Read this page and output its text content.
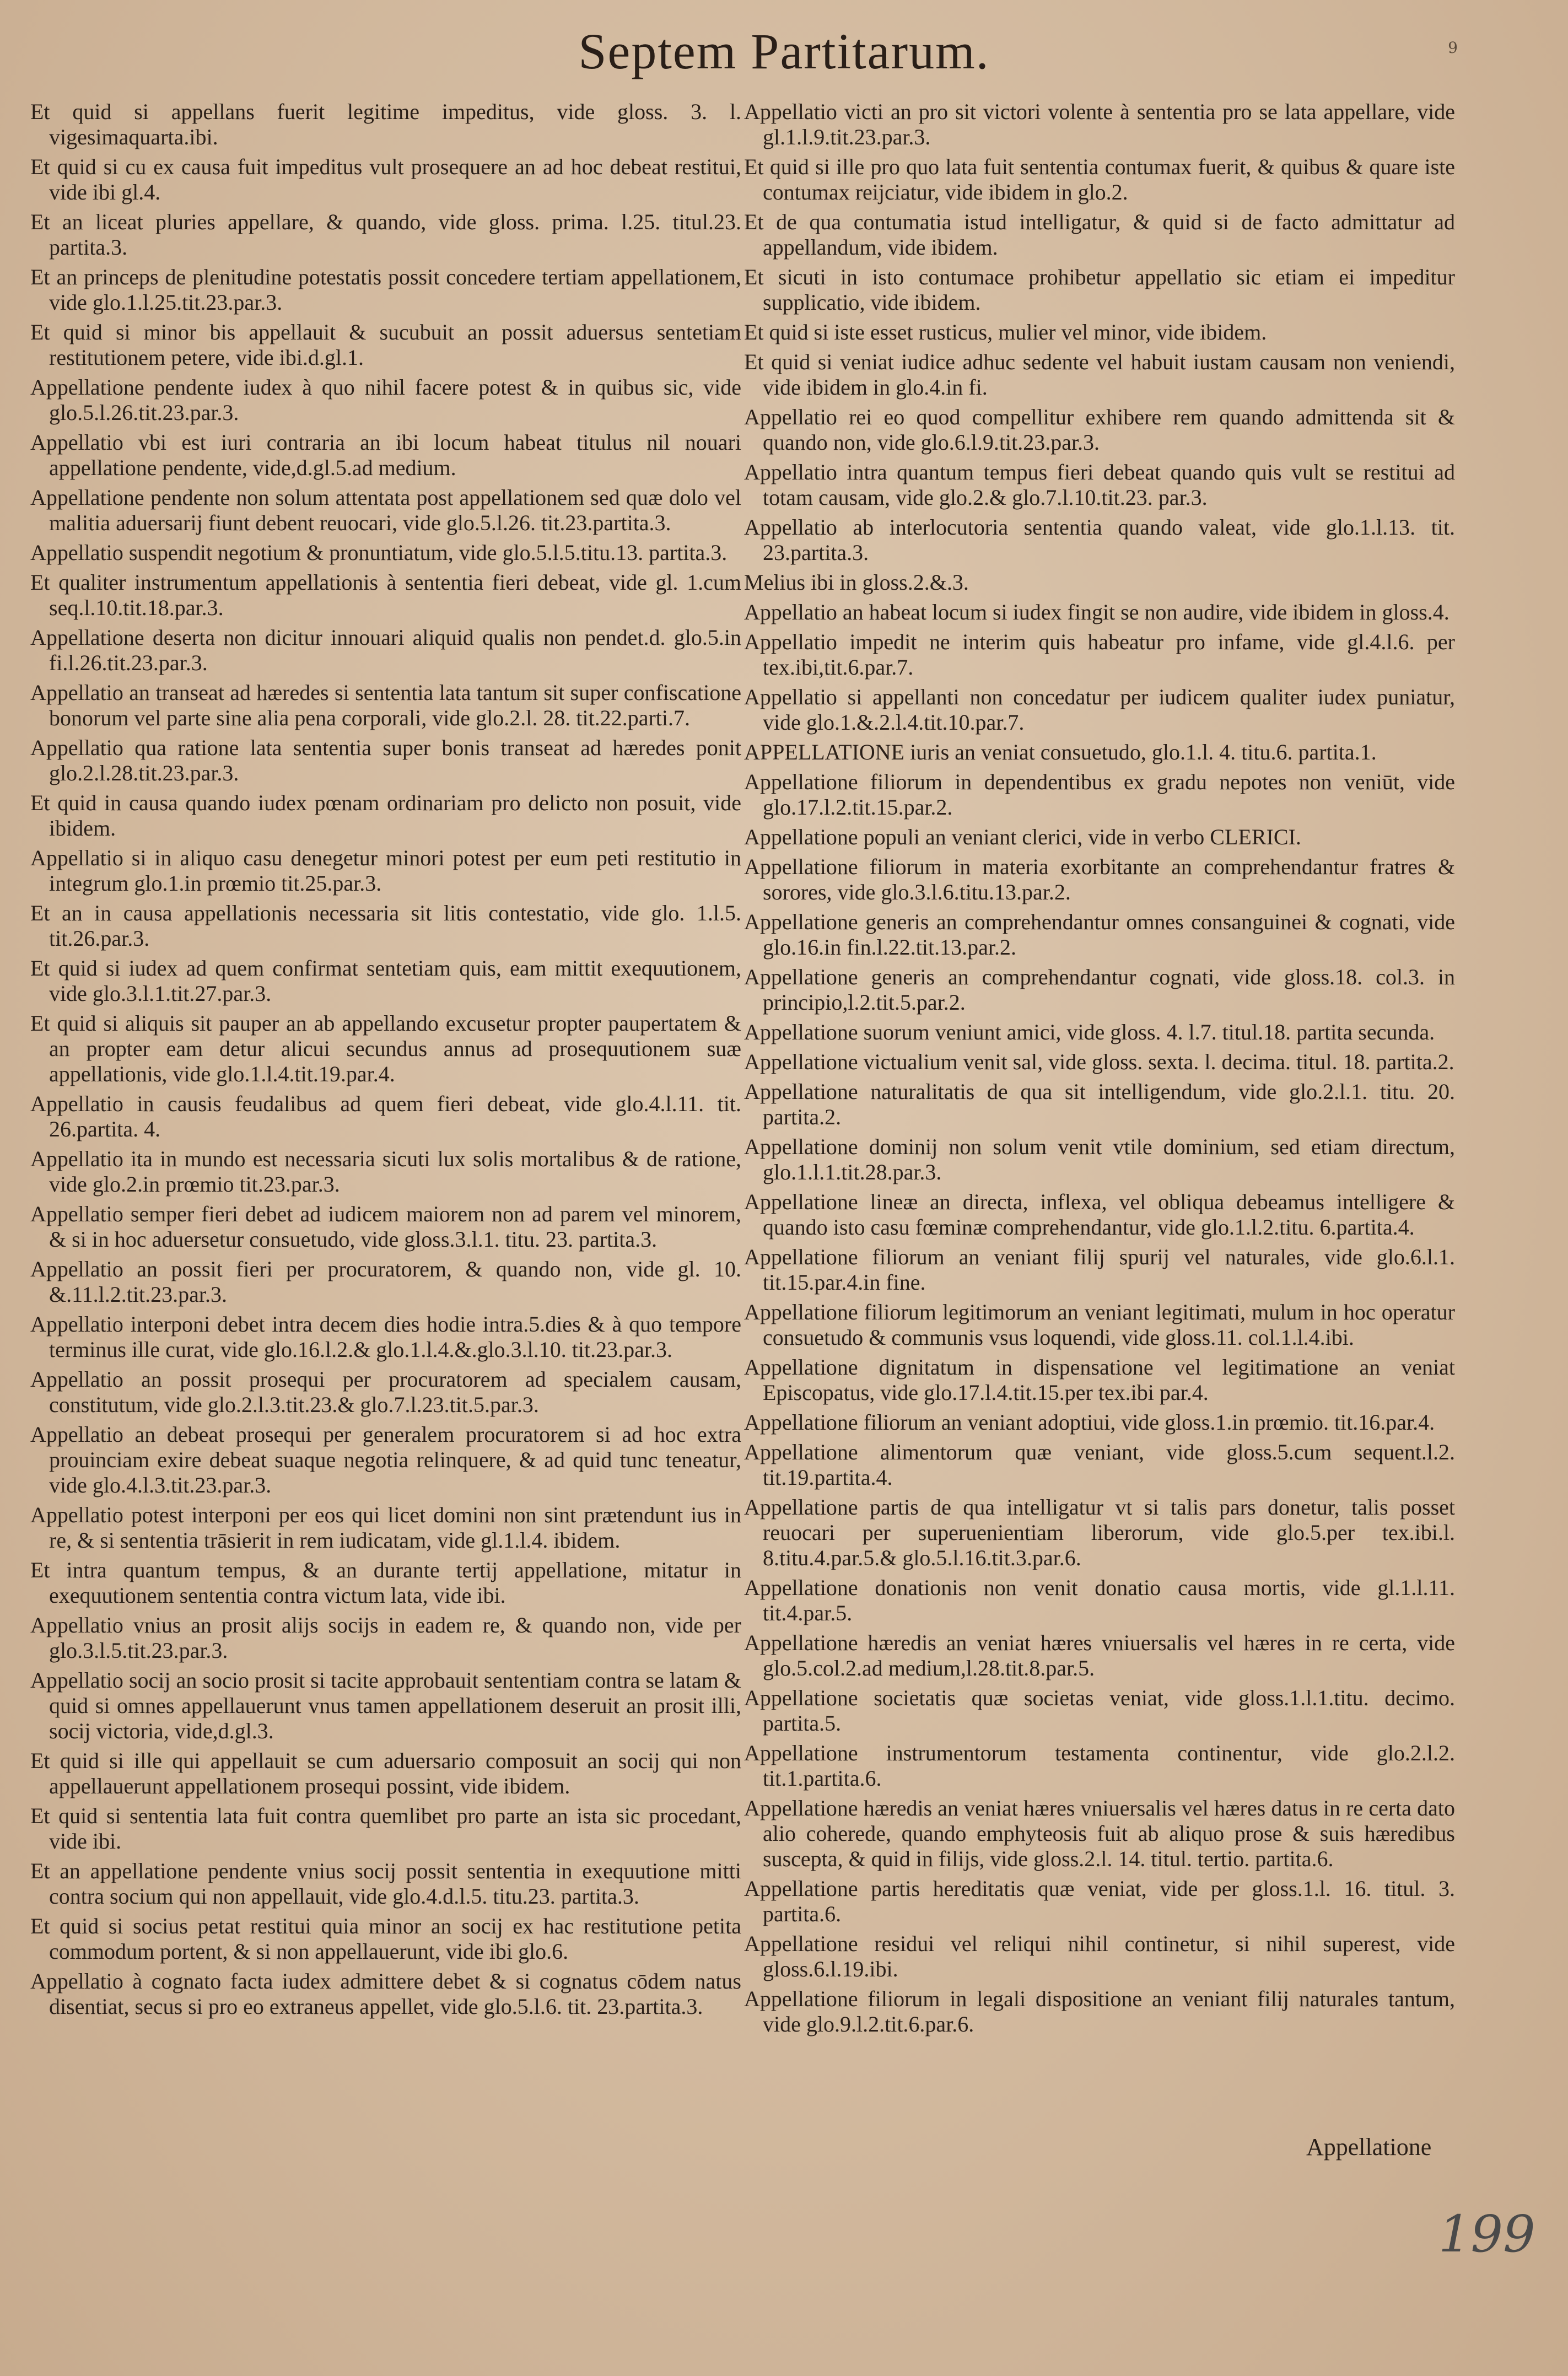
Septem Partitarum.	9

Et quid si appellans fuerit legitime impeditus, vide gloss. 3. l. vigesimaquarta.ibi.

Et quid si cu ex causa fuit impeditus vult prosequere an ad hoc debeat restitui, vide ibi gl.4.

Et an liceat pluries appellare, & quando, vide gloss. prima. l.25. titul.23. partita.3.

Et an princeps de plenitudine potestatis possit concedere tertiam appellationem, vide glo.1.l.25.tit.23.par.3.

Et quid si minor bis appellauit & sucubuit an possit aduersus sentetiam restitutionem petere, vide ibi.d.gl.1.

Appellatione pendente iudex à quo nihil facere potest & in quibus sic, vide glo.5.l.26.tit.23.par.3.

Appellatio vbi est iuri contraria an ibi locum habeat titulus nil nouari appellatione pendente, vide,d.gl.5.ad medium.

Appellatione pendente non solum attentata post appellationem sed quæ dolo vel malitia aduersarij fiunt debent reuocari, vide glo.5.l.26. tit.23.partita.3.

Appellatio suspendit negotium & pronuntiatum, vide glo.5.l.5.titu.13. partita.3.

Et qualiter instrumentum appellationis à sententia fieri debeat, vide gl. 1.cum seq.l.10.tit.18.par.3.

Appellatione deserta non dicitur innouari aliquid qualis non pendet.d. glo.5.in fi.l.26.tit.23.par.3.

Appellatio an transeat ad hæredes si sententia lata tantum sit super confiscatione bonorum vel parte sine alia pena corporali, vide glo.2.l. 28. tit.22.parti.7.

Appellatio qua ratione lata sententia super bonis transeat ad hæredes ponit glo.2.l.28.tit.23.par.3.

Et quid in causa quando iudex pœnam ordinariam pro delicto non posuit, vide ibidem.

Appellatio si in aliquo casu denegetur minori potest per eum peti restitutio in integrum glo.1.in prœmio tit.25.par.3.

Et an in causa appellationis necessaria sit litis contestatio, vide glo. 1.l.5. tit.26.par.3.

Et quid si iudex ad quem confirmat sentetiam quis, eam mittit exequutionem, vide glo.3.l.1.tit.27.par.3.

Et quid si aliquis sit pauper an ab appellando excusetur propter paupertatem & an propter eam detur alicui secundus annus ad prosequutionem suæ appellationis, vide glo.1.l.4.tit.19.par.4.

Appellatio in causis feudalibus ad quem fieri debeat, vide glo.4.l.11. tit. 26.partita. 4.

Appellatio ita in mundo est necessaria sicuti lux solis mortalibus & de ratione, vide glo.2.in prœmio tit.23.par.3.

Appellatio semper fieri debet ad iudicem maiorem non ad parem vel minorem, & si in hoc aduersetur consuetudo, vide gloss.3.l.1. titu. 23. partita.3.

Appellatio an possit fieri per procuratorem, & quando non, vide gl. 10. &.11.l.2.tit.23.par.3.

Appellatio interponi debet intra decem dies hodie intra.5.dies & à quo tempore terminus ille curat, vide glo.16.l.2.& glo.1.l.4.&.glo.3.l.10. tit.23.par.3.

Appellatio an possit prosequi per procuratorem ad specialem causam, constitutum, vide glo.2.l.3.tit.23.& glo.7.l.23.tit.5.par.3.

Appellatio an debeat prosequi per generalem procuratorem si ad hoc extra prouinciam exire debeat suaque negotia relinquere, & ad quid tunc teneatur, vide glo.4.l.3.tit.23.par.3.

Appellatio potest interponi per eos qui licet domini non sint prætendunt ius in re, & si sententia trāsierit in rem iudicatam, vide gl.1.l.4. ibidem.

Et intra quantum tempus, & an durante tertij appellatione, mitatur in exequutionem sententia contra victum lata, vide ibi.

Appellatio vnius an prosit alijs socijs in eadem re, & quando non, vide per glo.3.l.5.tit.23.par.3.

Appellatio socij an socio prosit si tacite approbauit sententiam contra se latam & quid si omnes appellauerunt vnus tamen appellationem deseruit an prosit illi, socij victoria, vide,d.gl.3.

Et quid si ille qui appellauit se cum aduersario composuit an socij qui non appellauerunt appellationem prosequi possint, vide ibidem.

Et quid si sententia lata fuit contra quemlibet pro parte an ista sic procedant, vide ibi.

Et an appellatione pendente vnius socij possit sententia in exequutione mitti contra socium qui non appellauit, vide glo.4.d.l.5. titu.23. partita.3.

Et quid si socius petat restitui quia minor an socij ex hac restitutione petita commodum portent, & si non appellauerunt, vide ibi glo.6.

Appellatio à cognato facta iudex admittere debet & si cognatus cōdem natus disentiat, secus si pro eo extraneus appellet, vide glo.5.l.6. tit. 23.partita.3.

Appellatio victi an pro sit victori volente à sententia pro se lata appellare, vide gl.1.l.9.tit.23.par.3.

Et quid si ille pro quo lata fuit sententia contumax fuerit, & quibus & quare iste contumax reijciatur, vide ibidem in glo.2.

Et de qua contumatia istud intelligatur, & quid si de facto admittatur ad appellandum, vide ibidem.

Et sicuti in isto contumace prohibetur appellatio sic etiam ei impeditur supplicatio, vide ibidem.

Et quid si iste esset rusticus, mulier vel minor, vide ibidem.

Et quid si veniat iudice adhuc sedente vel habuit iustam causam non veniendi, vide ibidem in glo.4.in fi.

Appellatio rei eo quod compellitur exhibere rem quando admittenda sit & quando non, vide glo.6.l.9.tit.23.par.3.

Appellatio intra quantum tempus fieri debeat quando quis vult se restitui ad totam causam, vide glo.2.& glo.7.l.10.tit.23. par.3.

Appellatio ab interlocutoria sententia quando valeat, vide glo.1.l.13. tit. 23.partita.3.

Melius ibi in gloss.2.&.3.

Appellatio an habeat locum si iudex fingit se non audire, vide ibidem in gloss.4.

Appellatio impedit ne interim quis habeatur pro infame, vide gl.4.l.6. per tex.ibi,tit.6.par.7.

Appellatio si appellanti non concedatur per iudicem qualiter iudex puniatur, vide glo.1.&.2.l.4.tit.10.par.7.

APPELLATIONE iuris an veniat consuetudo, glo.1.l. 4. titu.6. partita.1.

Appellatione filiorum in dependentibus ex gradu nepotes non veniūt, vide glo.17.l.2.tit.15.par.2.

Appellatione populi an veniant clerici, vide in verbo CLERICI.

Appellatione filiorum in materia exorbitante an comprehendantur fratres & sorores, vide glo.3.l.6.titu.13.par.2.

Appellatione generis an comprehendantur omnes consanguinei & cognati, vide glo.16.in fin.l.22.tit.13.par.2.

Appellatione generis an comprehendantur cognati, vide gloss.18. col.3. in principio,l.2.tit.5.par.2.

Appellatione suorum veniunt amici, vide gloss. 4. l.7. titul.18. partita secunda.

Appellatione victualium venit sal, vide gloss. sexta. l. decima. titul. 18. partita.2.

Appellatione naturalitatis de qua sit intelligendum, vide glo.2.l.1. titu. 20. partita.2.

Appellatione dominij non solum venit vtile dominium, sed etiam directum, glo.1.l.1.tit.28.par.3.

Appellatione lineæ an directa, inflexa, vel obliqua debeamus intelligere & quando isto casu fœminæ comprehendantur, vide glo.1.l.2.titu. 6.partita.4.

Appellatione filiorum an veniant filij spurij vel naturales, vide glo.6.l.1. tit.15.par.4.in fine.

Appellatione filiorum legitimorum an veniant legitimati, mulum in hoc operatur consuetudo & communis vsus loquendi, vide gloss.11. col.1.l.4.ibi.

Appellatione dignitatum in dispensatione vel legitimatione an veniat Episcopatus, vide glo.17.l.4.tit.15.per tex.ibi par.4.

Appellatione filiorum an veniant adoptiui, vide gloss.1.in prœmio. tit.16.par.4.

Appellatione alimentorum quæ veniant, vide gloss.5.cum sequent.l.2. tit.19.partita.4.

Appellatione partis de qua intelligatur vt si talis pars donetur, talis posset reuocari per superuenientiam liberorum, vide glo.5.per tex.ibi.l. 8.titu.4.par.5.& glo.5.l.16.tit.3.par.6.

Appellatione donationis non venit donatio causa mortis, vide gl.1.l.11. tit.4.par.5.

Appellatione hæredis an veniat hæres vniuersalis vel hæres in re certa, vide glo.5.col.2.ad medium,l.28.tit.8.par.5.

Appellatione societatis quæ societas veniat, vide gloss.1.l.1.titu. decimo. partita.5.

Appellatione instrumentorum testamenta continentur, vide glo.2.l.2. tit.1.partita.6.

Appellatione hæredis an veniat hæres vniuersalis vel hæres datus in re certa dato alio coherede, quando emphyteosis fuit ab aliquo prose & suis hæredibus suscepta, & quid in filijs, vide gloss.2.l. 14. titul. tertio. partita.6.

Appellatione partis hereditatis quæ veniat, vide per gloss.1.l. 16. titul. 3. partita.6.

Appellatione residui vel reliqui nihil continetur, si nihil superest, vide gloss.6.l.19.ibi.

Appellatione filiorum in legali dispositione an veniant filij naturales tantum, vide glo.9.l.2.tit.6.par.6.

Appellatione
199
